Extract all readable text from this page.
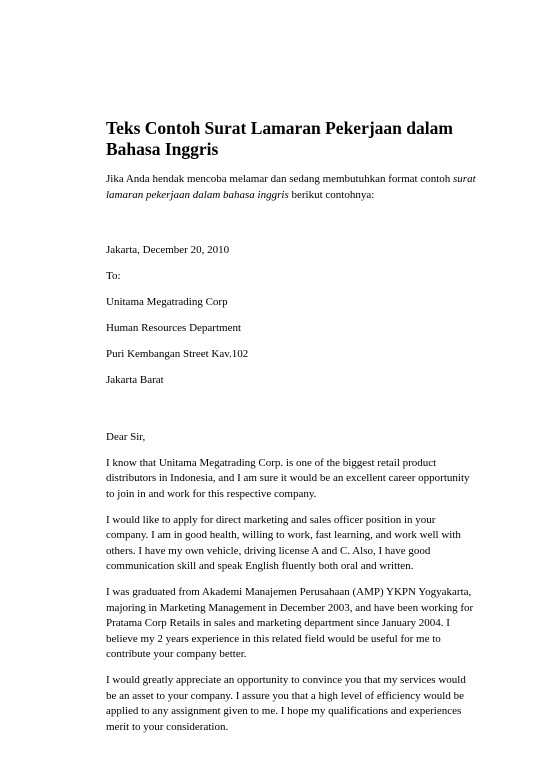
Teks Contoh Surat Lamaran Pekerjaan dalam Bahasa Inggris

Jika Anda hendak mencoba melamar dan sedang membutuhkan format contoh surat lamaran pekerjaan dalam bahasa inggris berikut contohnya:

Jakarta, December 20, 2010

To:

Unitama Megatrading Corp

Human Resources Department

Puri Kembangan Street Kav.102

Jakarta Barat

Dear Sir,

I know that Unitama Megatrading Corp. is one of the biggest retail product distributors in Indonesia, and I am sure it would be an excellent career opportunity to join in and work for this respective company.

I would like to apply for direct marketing and sales officer position in your company. I am in good health, willing to work, fast learning, and work well with others. I have my own vehicle, driving license A and C. Also, I have good communication skill and speak English fluently both oral and written.

I was graduated from Akademi Manajemen Perusahaan (AMP) YKPN Yogyakarta, majoring in Marketing Management in December 2003, and have been working for Pratama Corp Retails in sales and marketing department since January 2004. I believe my 2 years experience in this related field would be useful for me to contribute your company better.

I would greatly appreciate an opportunity to convince you that my services would be an asset to your company. I assure you that a high level of efficiency would be applied to any assignment given to me. I hope my qualifications and experiences merit to your consideration.
